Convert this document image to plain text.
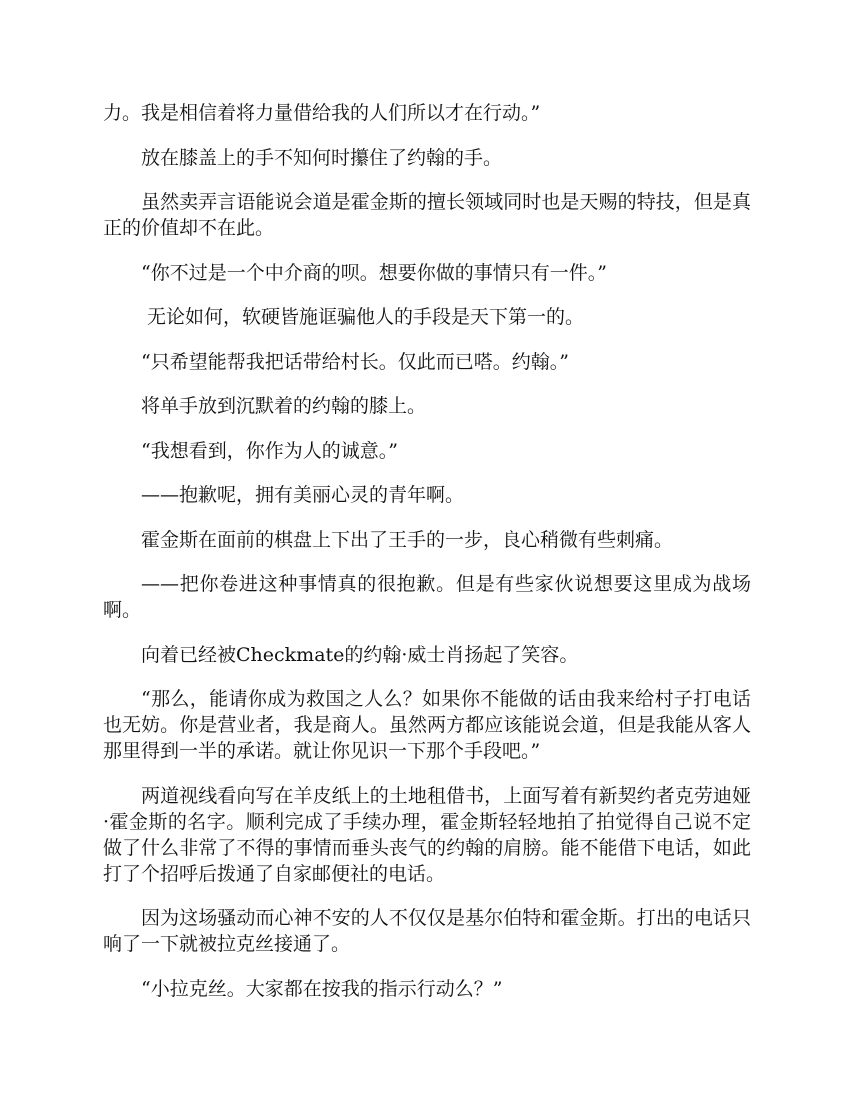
力。我是相信着将力量借给我的人们所以才在行动。”

放在膝盖上的手不知何时攥住了约翰的手。

虽然卖弄言语能说会道是霍金斯的擅长领域同时也是天赐的特技，但是真正的价值却不在此。

“你不过是一个中介商的呗。想要你做的事情只有一件。”

无论如何，软硬皆施诓骗他人的手段是天下第一的。

“只希望能帮我把话带给村长。仅此而已嗒。约翰。”

将单手放到沉默着的约翰的膝上。

“我想看到，你作为人的诚意。”

——抱歉呢，拥有美丽心灵的青年啊。

霍金斯在面前的棋盘上下出了王手的一步，良心稍微有些刺痛。

——把你卷进这种事情真的很抱歉。但是有些家伙说想要这里成为战场啊。

向着已经被Checkmate的约翰·威士肖扬起了笑容。

“那么，能请你成为救国之人么？如果你不能做的话由我来给村子打电话也无妨。你是营业者，我是商人。虽然两方都应该能说会道，但是我能从客人那里得到一半的承诺。就让你见识一下那个手段吧。”

两道视线看向写在羊皮纸上的土地租借书，上面写着有新契约者克劳迪娅·霍金斯的名字。顺利完成了手续办理，霍金斯轻轻地拍了拍觉得自己说不定做了什么非常了不得的事情而垂头丧气的约翰的肩膀。能不能借下电话，如此打了个招呼后拨通了自家邮便社的电话。

因为这场骚动而心神不安的人不仅仅是基尔伯特和霍金斯。打出的电话只响了一下就被拉克丝接通了。

“小拉克丝。大家都在按我的指示行动么？”
